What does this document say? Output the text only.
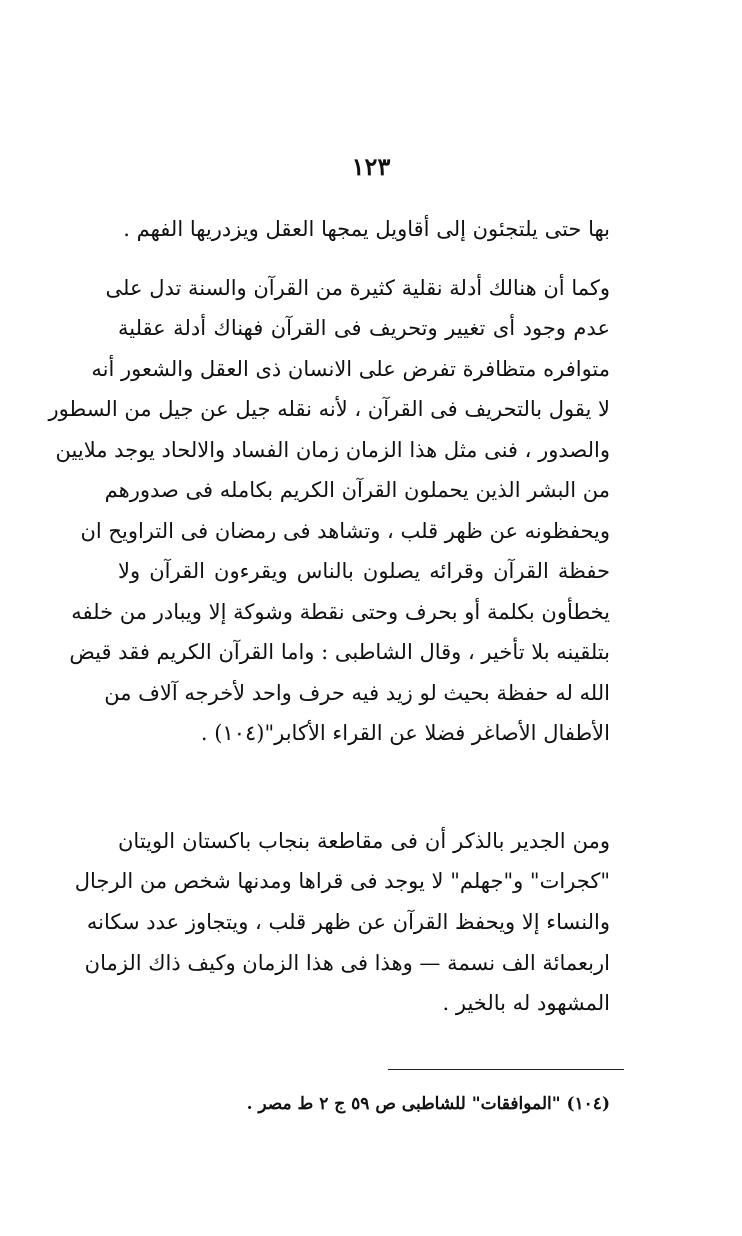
١٢٣
بها حتى يلتجئون إلى أقاويل يمجها العقل ويزدريها الفهم .
وكما أن هنالك أدلة نقلية كثيرة من القرآن والسنة تدل على
عدم وجود أى تغيير وتحريف فى القرآن فهناك أدلة عقلية
متوافره متظافرة تفرض على الانسان ذى العقل والشعور أنه
لا يقول بالتحريف فى القرآن ، لأنه نقله جيل عن جيل من السطور
والصدور ، فنى مثل هذا الزمان زمان الفساد والالحاد يوجد ملايين
من البشر الذين يحملون القرآن الكريم بكامله فى صدورهم
ويحفظونه عن ظهر قلب ، وتشاهد فى رمضان فى التراويح ان
حفظة القرآن وقرائه يصلون بالناس ويقرءون القرآن ولا
يخطأون بكلمة أو بحرف وحتى نقطة وشوكة إلا ويبادر من خلفه
بتلقينه بلا تأخير ، وقال الشاطبى : واما القرآن الكريم فقد قيض
الله له حفظة بحيث لو زيد فيه حرف واحد لأخرجه آلاف من
الأطفال الأصاغر فضلا عن القراء الأكابر"(١٠٤) .
ومن الجدير بالذكر أن فى مقاطعة بنجاب باكستان الويتان
"كجرات" و"جهلم" لا يوجد فى قراها ومدنها شخص من الرجال
والنساء إلا ويحفظ القرآن عن ظهر قلب ، ويتجاوز عدد سكانه
اربعمائة الف نسمة — وهذا فى هذا الزمان وكيف ذاك الزمان
المشهود له بالخير .
(١٠٤) "الموافقات" للشاطبى ص ٥٩ ج ٢ ط مصر .
